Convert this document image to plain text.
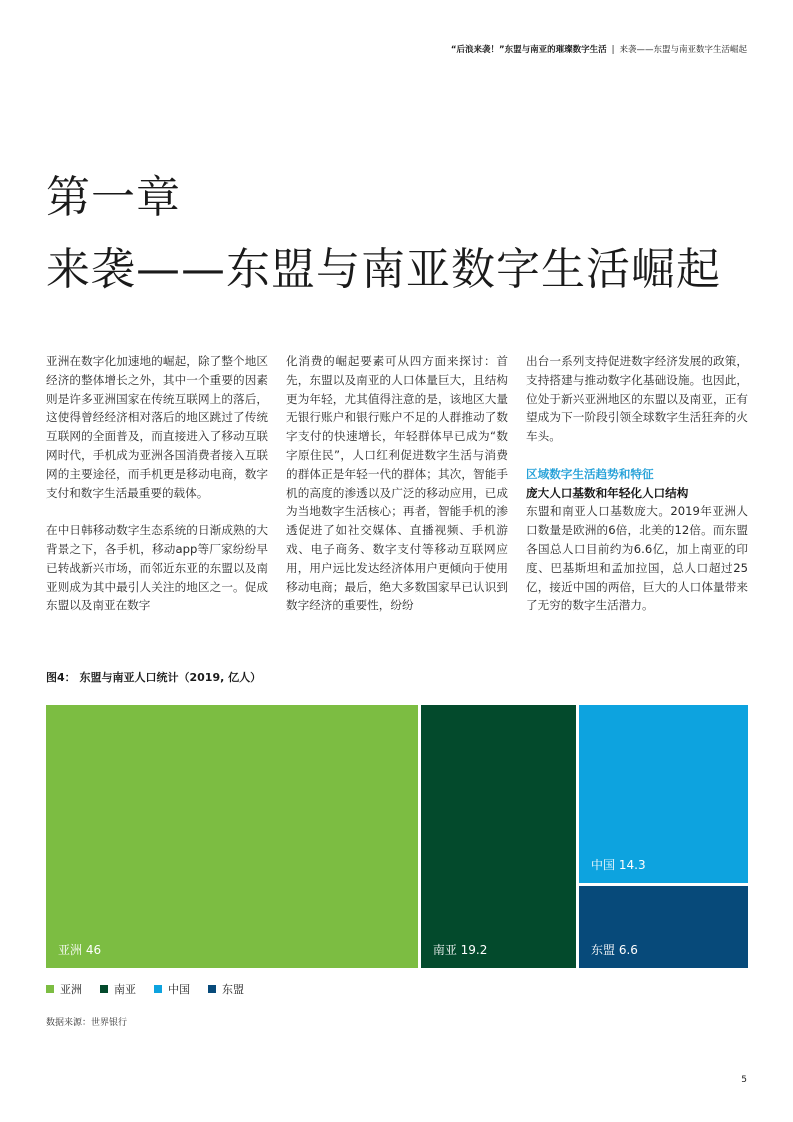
“后浪来袭！”东盟与南亚的璀璨数字生活 | 来袭——东盟与南亚数字生活崛起
第一章
来袭——东盟与南亚数字生活崛起

亚洲在数字化加速地的崛起，除了整个地区经济的整体增长之外，其中一个重要的因素则是许多亚洲国家在传统互联网上的落后，这使得曾经经济相对落后的地区跳过了传统互联网的全面普及，而直接进入了移动互联网时代，手机成为亚洲各国消费者接入互联网的主要途径，而手机更是移动电商，数字支付和数字生活最重要的载体。

在中日韩移动数字生态系统的日渐成熟的大背景之下，各手机，移动app等厂家纷纷早已转战新兴市场，而邻近东亚的东盟以及南亚则成为其中最引人关注的地区之一。促成东盟以及南亚在数字

化消费的崛起要素可从四方面来探讨：首先，东盟以及南亚的人口体量巨大，且结构更为年轻，尤其值得注意的是，该地区大量无银行账户和银行账户不足的人群推动了数字支付的快速增长，年轻群体早已成为“数字原住民”，人口红利促进数字生活与消费的群体正是年轻一代的群体；其次，智能手机的高度的渗透以及广泛的移动应用，已成为当地数字生活核心；再者，智能手机的渗透促进了如社交媒体、直播视频、手机游戏、电子商务、数字支付等移动互联网应用，用户远比发达经济体用户更倾向于使用移动电商；最后，绝大多数国家早已认识到数字经济的重要性，纷纷

出台一系列支持促进数字经济发展的政策，支持搭建与推动数字化基础设施。也因此，位处于新兴亚洲地区的东盟以及南亚，正有望成为下一阶段引领全球数字生活狂奔的火车头。

区域数字生活趋势和特征
庞大人口基数和年轻化人口结构

东盟和南亚人口基数庞大。2019年亚洲人口数量是欧洲的6倍，北美的12倍。而东盟各国总人口目前约为6.6亿，加上南亚的印度、巴基斯坦和孟加拉国，总人口超过25亿，接近中国的两倍，巨大的人口体量带来了无穷的数字生活潜力。

图4： 东盟与南亚人口统计（2019, 亿人）
亚洲 46	南亚 19.2
中国 14.3
东盟 6.6
亚洲	南亚	中国	东盟
数据来源：世界银行
5
